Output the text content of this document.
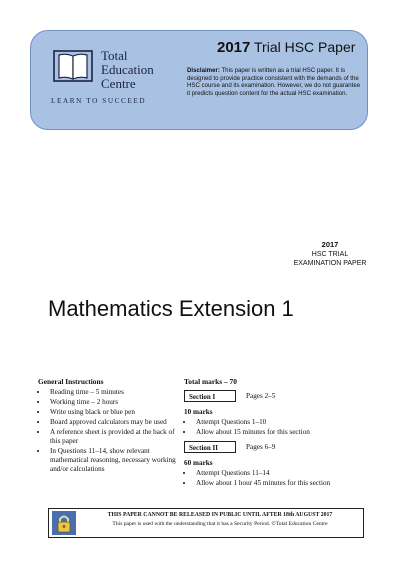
Total
Education
Centre
LEARN TO SUCCEED
2017 Trial HSC Paper
Disclaimer: This paper is written as a trial HSC paper. It is designed to provide practice consistent with the demands of the HSC course and its examination. However, we do not guarantee it predicts question content for the actual HSC examination.
2017
HSC TRIAL
EXAMINATION PAPER
Mathematics Extension 1
General Instructions
• Reading time – 5 minutes
• Working time – 2 hours
• Write using black or blue pen
• Board approved calculators may be used
• A reference sheet is provided at the back of this paper
• In Questions 11–14, show relevant mathematical reasoning, necessary working and/or calculations
Total marks – 70
Section I	Pages 2–5
10 marks
• Attempt Questions 1–10
• Allow about 15 minutes for this section
Section II	Pages 6–9
60 marks
• Attempt Questions 11–14
• Allow about 1 hour 45 minutes for this section
THIS PAPER CANNOT BE RELEASED IN PUBLIC UNTIL AFTER 18th AUGUST 2017
This paper is used with the understanding that it has a Security Period. ©Total Education Centre
